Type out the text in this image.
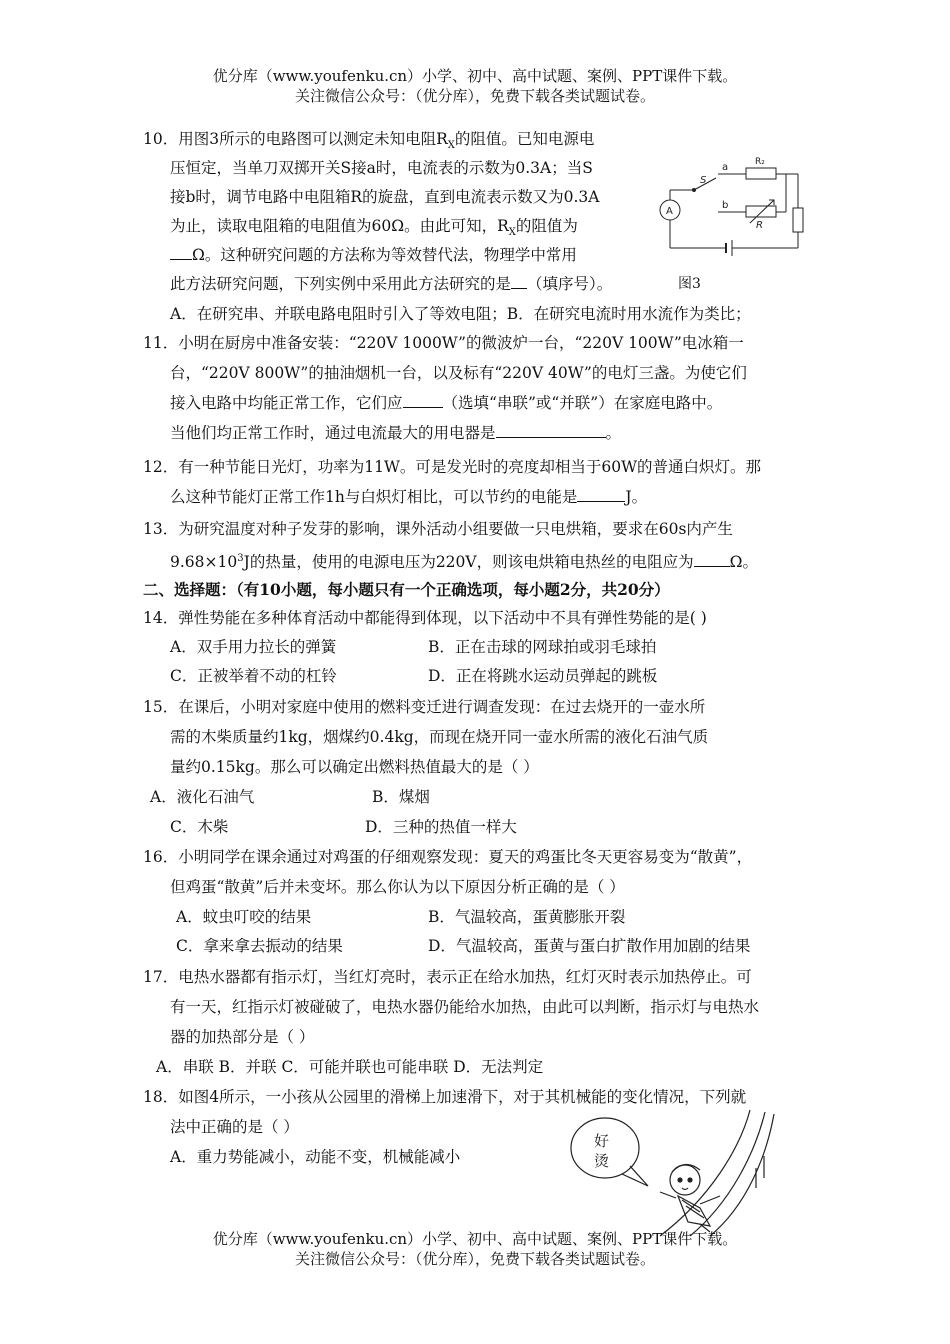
优分库（www.youfenku.cn）小学、初中、高中试题、案例、PPT课件下载。
关注微信公众号：（优分库），免费下载各类试题试卷。
10．用图3所示的电路图可以测定未知电阻$R_X$的阻值。已知电源电
压恒定，当单刀双掷开关S接a时，电流表的示数为0.3A；当S
接b时，调节电路中电阻箱R的旋盘，直到电流表示数又为0.3A
为止，读取电阻箱的电阻值为60Ω。由此可知，$R_X$的阻值为
Ω。这种研究问题的方法称为等效替代法，物理学中常用
此方法研究问题，下列实例中采用此方法研究的是 （填序号）。	图3
A．在研究串、并联电路电阻时引入了等效电阻；B．在研究电流时用水流作为类比；
A
S
a
b
R₂
R
11．小明在厨房中准备安装：“220V 1000W”的微波炉一台，“220V 100W”电冰箱一
台，“220V 800W”的抽油烟机一台，以及标有“220V 40W”的电灯三盏。为使它们
接入电路中均能正常工作，它们应	（选填“串联”或“并联”）在家庭电路中。
当他们均正常工作时，通过电流最大的用电器是	。
12．有一种节能日光灯，功率为11W。可是发光时的亮度却相当于60W的普通白炽灯。那
么这种节能灯正常工作1h与白炽灯相比，可以节约的电能是	J。
13．为研究温度对种子发芽的影响，课外活动小组要做一只电烘箱，要求在60s内产生
$9.68\times 10^3J$的热量，使用的电源电压为220V，则该电烘箱电热丝的电阻应为 Ω。
二、选择题：（有10小题，每小题只有一个正确选项，每小题2分，共20分）
14．弹性势能在多种体育活动中都能得到体现，以下活动中不具有弹性势能的是( )
A．双手用力拉长的弹簧	B．正在击球的网球拍或羽毛球拍
C．正被举着不动的杠铃	D．正在将跳水运动员弹起的跳板
15．在课后，小明对家庭中使用的燃料变迁进行调查发现：在过去烧开的一壶水所
需的木柴质量约1kg，烟煤约0.4kg，而现在烧开同一壶水所需的液化石油气质
量约0.15kg。那么可以确定出燃料热值最大的是（ ）
A．液化石油气	B．煤烟
C．木柴	D．三种的热值一样大
16．小明同学在课余通过对鸡蛋的仔细观察发现：夏天的鸡蛋比冬天更容易变为“散黄”，
但鸡蛋“散黄”后并未变坏。那么你认为以下原因分析正确的是（ ）
A．蚊虫叮咬的结果	B．气温较高，蛋黄膨胀开裂
C．拿来拿去振动的结果	D．气温较高，蛋黄与蛋白扩散作用加剧的结果
17．电热水器都有指示灯，当红灯亮时，表示正在给水加热，红灯灭时表示加热停止。可
有一天，红指示灯被碰破了，电热水器仍能给水加热，由此可以判断，指示灯与电热水
器的加热部分是（ ）
A．串联 B．并联 C．可能并联也可能串联 D．无法判定
18．如图4所示，一小孩从公园里的滑梯上加速滑下，对于其机械能的变化情况，下列就
法中正确的是（ ）
A．重力势能减小，动能不变，机械能减小
好
烫
优分库（www.youfenku.cn）小学、初中、高中试题、案例、PPT课件下载。
关注微信公众号：（优分库），免费下载各类试题试卷。
